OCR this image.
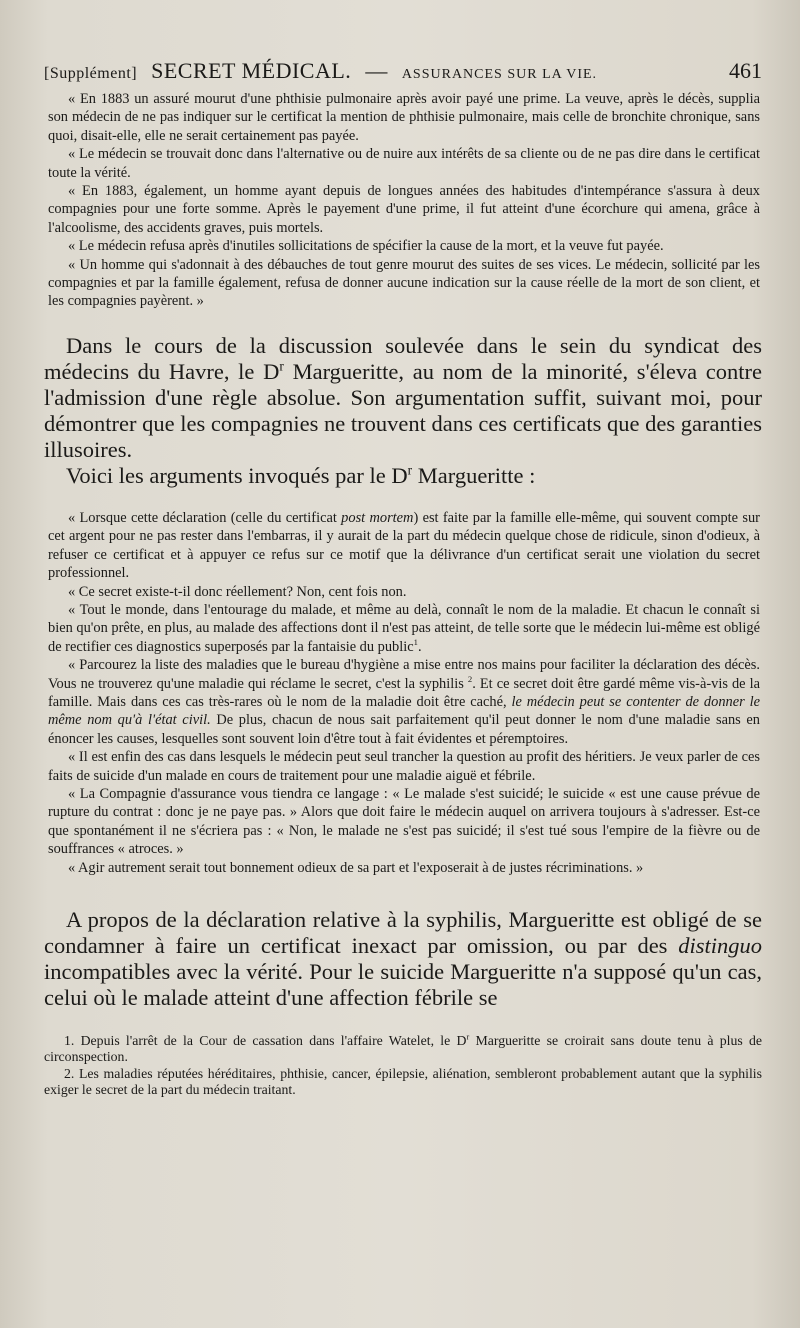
[Supplément] SECRET MÉDICAL. — ASSURANCES SUR LA VIE.	461

« En 1883 un assuré mourut d'une phthisie pulmonaire après avoir payé une prime. La veuve, après le décès, supplia son médecin de ne pas indiquer sur le certificat la mention de phthisie pulmonaire, mais celle de bronchite chronique, sans quoi, disait-elle, elle ne serait certainement pas payée.

« Le médecin se trouvait donc dans l'alternative ou de nuire aux intérêts de sa cliente ou de ne pas dire dans le certificat toute la vérité.

« En 1883, également, un homme ayant depuis de longues années des habitudes d'intempérance s'assura à deux compagnies pour une forte somme. Après le payement d'une prime, il fut atteint d'une écorchure qui amena, grâce à l'alcoolisme, des accidents graves, puis mortels.

« Le médecin refusa après d'inutiles sollicitations de spécifier la cause de la mort, et la veuve fut payée.

« Un homme qui s'adonnait à des débauches de tout genre mourut des suites de ses vices. Le médecin, sollicité par les compagnies et par la famille également, refusa de donner aucune indication sur la cause réelle de la mort de son client, et les compagnies payèrent. »

Dans le cours de la discussion soulevée dans le sein du syndicat des médecins du Havre, le $D^r$ Margueritte, au nom de la minorité, s'éleva contre l'admission d'une règle absolue. Son argumentation suffit, suivant moi, pour démontrer que les compagnies ne trouvent dans ces certificats que des garanties illusoires.

Voici les arguments invoqués par le $D^r$ Margueritte :

« Lorsque cette déclaration (celle du certificat post mortem) est faite par la famille elle-même, qui souvent compte sur cet argent pour ne pas rester dans l'embarras, il y aurait de la part du médecin quelque chose de ridicule, sinon d'odieux, à refuser ce certificat et à appuyer ce refus sur ce motif que la délivrance d'un certificat serait une violation du secret professionnel.

« Ce secret existe-t-il donc réellement? Non, cent fois non.

« Tout le monde, dans l'entourage du malade, et même au delà, connaît le nom de la maladie. Et chacun le connaît si bien qu'on prête, en plus, au malade des affections dont il n'est pas atteint, de telle sorte que le médecin lui-même est obligé de rectifier ces diagnostics superposés par la fantaisie du public$^1$.

« Parcourez la liste des maladies que le bureau d'hygiène a mise entre nos mains pour faciliter la déclaration des décès. Vous ne trouverez qu'une maladie qui réclame le secret, c'est la syphilis $^2$. Et ce secret doit être gardé même vis-à-vis de la famille. Mais dans ces cas très-rares où le nom de la maladie doit être caché, le médecin peut se contenter de donner le même nom qu'à l'état civil. De plus, chacun de nous sait parfaitement qu'il peut donner le nom d'une maladie sans en énoncer les causes, lesquelles sont souvent loin d'être tout à fait évidentes et péremptoires.

« Il est enfin des cas dans lesquels le médecin peut seul trancher la question au profit des héritiers. Je veux parler de ces faits de suicide d'un malade en cours de traitement pour une maladie aiguë et fébrile.

« La Compagnie d'assurance vous tiendra ce langage : « Le malade s'est suicidé; le suicide « est une cause prévue de rupture du contrat : donc je ne paye pas. » Alors que doit faire le médecin auquel on arrivera toujours à s'adresser. Est-ce que spontanément il ne s'écriera pas : « Non, le malade ne s'est pas suicidé; il s'est tué sous l'empire de la fièvre ou de souffrances « atroces. »

« Agir autrement serait tout bonnement odieux de sa part et l'exposerait à de justes récriminations. »

A propos de la déclaration relative à la syphilis, Margueritte est obligé de se condamner à faire un certificat inexact par omission, ou par des distinguo incompatibles avec la vérité. Pour le suicide Margueritte n'a supposé qu'un cas, celui où le malade atteint d'une affection fébrile se

1. Depuis l'arrêt de la Cour de cassation dans l'affaire Watelet, le $D^r$ Margueritte se croirait sans doute tenu à plus de circonspection.

2. Les maladies réputées héréditaires, phthisie, cancer, épilepsie, aliénation, sembleront probablement autant que la syphilis exiger le secret de la part du médecin traitant.
